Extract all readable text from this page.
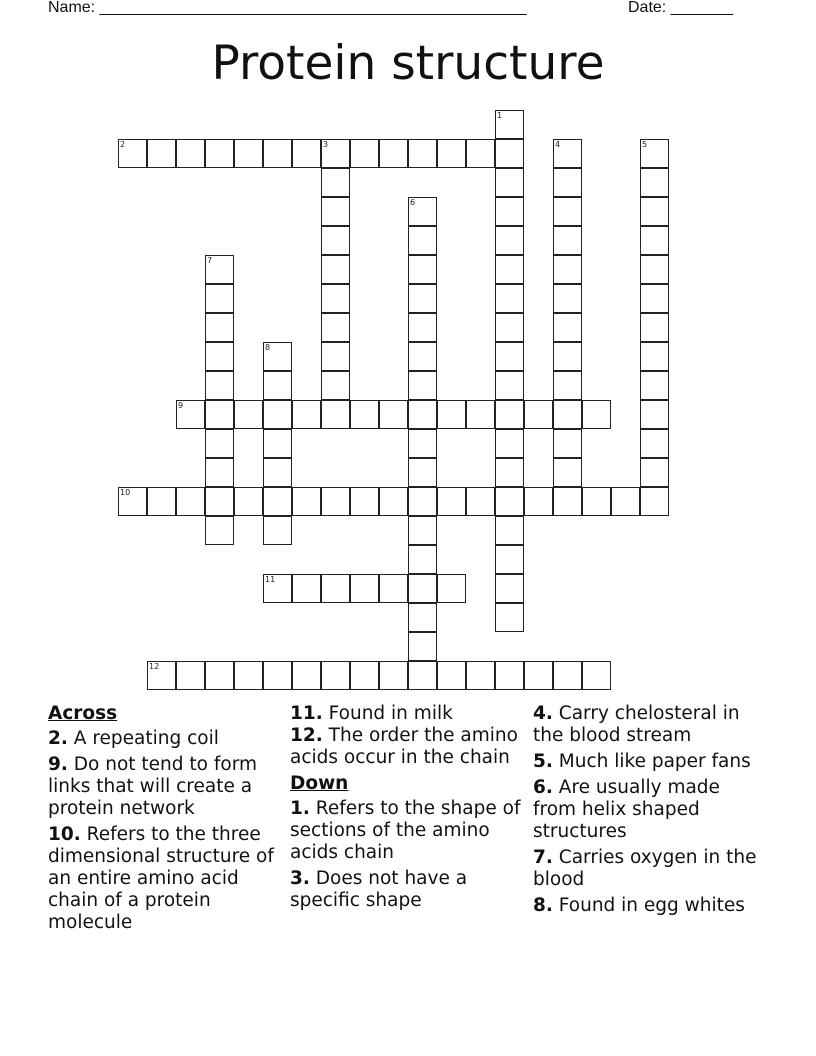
Name: ________________________________________________	Date: _______
Protein structure
2	3
9
10
11
12
1
4	5
6
7
8
Across
2. A repeating coil
9. Do not tend to form links that will create a protein network
10. Refers to the three dimensional structure of an entire amino acid chain of a protein molecule
11. Found in milk
12. The order the amino acids occur in the chain
Down
1. Refers to the shape of sections of the amino acids chain
3. Does not have a specific shape
4. Carry chelosteral in the blood stream
5. Much like paper fans
6. Are usually made from helix shaped structures
7. Carries oxygen in the blood
8. Found in egg whites
